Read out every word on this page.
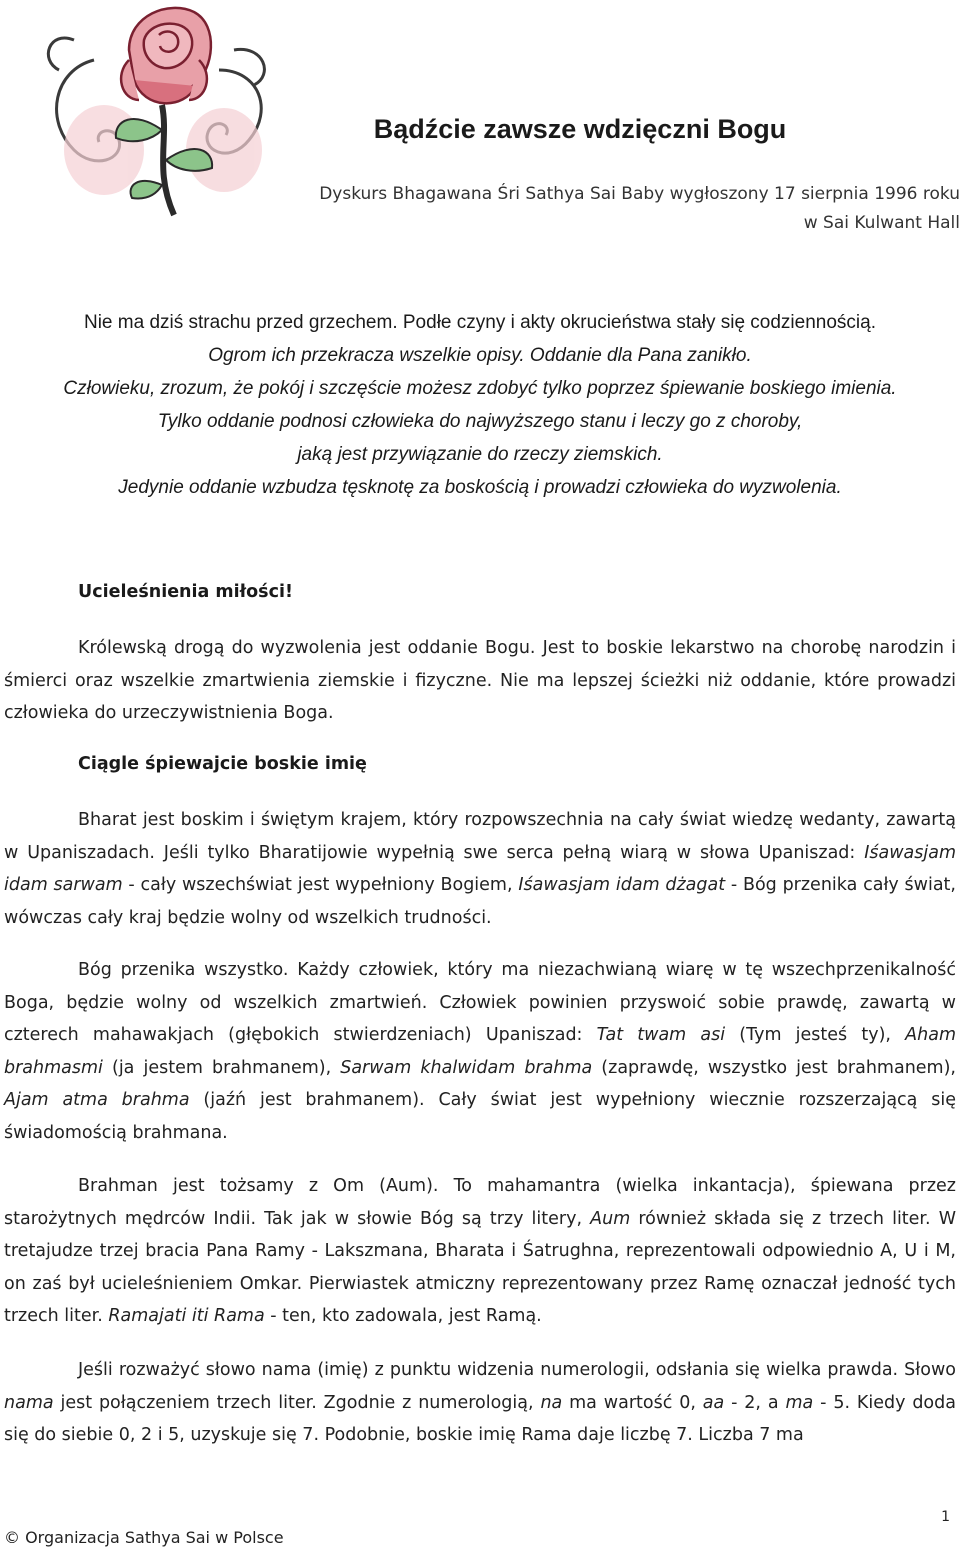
Bądźcie zawsze wdzięczni Bogu
Dyskurs Bhagawana Śri Sathya Sai Baby wygłoszony 17 sierpnia 1996 roku
w Sai Kulwant Hall
Nie ma dziś strachu przed grzechem. Podłe czyny i akty okrucieństwa stały się codziennością.
Ogrom ich przekracza wszelkie opisy. Oddanie dla Pana zanikło.
Człowieku, zrozum, że pokój i szczęście możesz zdobyć tylko poprzez śpiewanie boskiego imienia.
Tylko oddanie podnosi człowieka do najwyższego stanu i leczy go z choroby,
jaką jest przywiązanie do rzeczy ziemskich.
Jedynie oddanie wzbudza tęsknotę za boskością i prowadzi człowieka do wyzwolenia.
Ucieleśnienia miłości!
Królewską drogą do wyzwolenia jest oddanie Bogu. Jest to boskie lekarstwo na chorobę narodzin i śmierci oraz wszelkie zmartwienia ziemskie i fizyczne. Nie ma lepszej ścieżki niż oddanie, które prowadzi człowieka do urzeczywistnienia Boga.
Ciągle śpiewajcie boskie imię
Bharat jest boskim i świętym krajem, który rozpowszechnia na cały świat wiedzę wedanty, zawartą w Upaniszadach. Jeśli tylko Bharatijowie wypełnią swe serca pełną wiarą w słowa Upaniszad: Iśawasjam idam sarwam - cały wszechświat jest wypełniony Bogiem, Iśawasjam idam dżagat - Bóg przenika cały świat, wówczas cały kraj będzie wolny od wszelkich trudności.
Bóg przenika wszystko. Każdy człowiek, który ma niezachwianą wiarę w tę wszechprzenikalność Boga, będzie wolny od wszelkich zmartwień. Człowiek powinien przyswoić sobie prawdę, zawartą w czterech mahawakjach (głębokich stwierdzeniach) Upaniszad: Tat twam asi (Tym jesteś ty), Aham brahmasmi (ja jestem brahmanem), Sarwam khalwidam brahma (zaprawdę, wszystko jest brahmanem), Ajam atma brahma (jaźń jest brahmanem). Cały świat jest wypełniony wiecznie rozszerzającą się świadomością brahmana.
Brahman jest tożsamy z Om (Aum). To mahamantra (wielka inkantacja), śpiewana przez starożytnych mędrców Indii. Tak jak w słowie Bóg są trzy litery, Aum również składa się z trzech liter. W tretajudze trzej bracia Pana Ramy - Lakszmana, Bharata i Śatrughna, reprezentowali odpowiednio A, U i M, on zaś był ucieleśnieniem Omkar. Pierwiastek atmiczny reprezentowany przez Ramę oznaczał jedność tych trzech liter. Ramajati iti Rama - ten, kto zadowala, jest Ramą.
Jeśli rozważyć słowo nama (imię) z punktu widzenia numerologii, odsłania się wielka prawda. Słowo nama jest połączeniem trzech liter. Zgodnie z numerologią, na ma wartość 0, aa - 2, a ma - 5. Kiedy doda się do siebie 0, 2 i 5, uzyskuje się 7. Podobnie, boskie imię Rama daje liczbę 7. Liczba 7 ma
1
© Organizacja Sathya Sai w Polsce
